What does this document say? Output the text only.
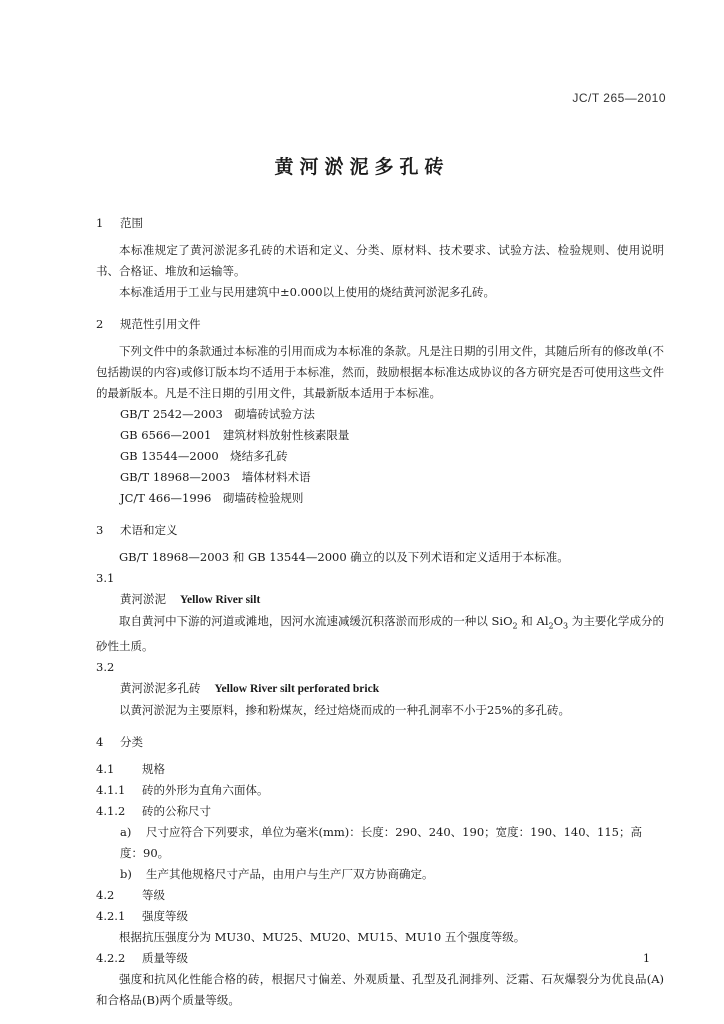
JC/T 265—2010
黄河淤泥多孔砖
1 范围

本标准规定了黄河淤泥多孔砖的术语和定义、分类、原材料、技术要求、试验方法、检验规则、使用说明书、合格证、堆放和运输等。

本标准适用于工业与民用建筑中±0.000以上使用的烧结黄河淤泥多孔砖。

2 规范性引用文件

下列文件中的条款通过本标准的引用而成为本标准的条款。凡是注日期的引用文件，其随后所有的修改单(不包括勘误的内容)或修订版本均不适用于本标准，然而，鼓励根据本标准达成协议的各方研究是否可使用这些文件的最新版本。凡是不注日期的引用文件，其最新版本适用于本标准。

GB/T 2542—2003　砌墙砖试验方法

GB 6566—2001　建筑材料放射性核素限量

GB 13544—2000　烧结多孔砖

GB/T 18968—2003　墙体材料术语

JC/T 466—1996　砌墙砖检验规则

3 术语和定义

GB/T 18968—2003 和 GB 13544—2000 确立的以及下列术语和定义适用于本标准。

3.1

黄河淤泥 Yellow River silt

取自黄河中下游的河道或滩地，因河水流速减缓沉积落淤而形成的一种以 SiO$_2$ 和 $Al_2O_3$ 为主要化学成分的砂性土质。

3.2

黄河淤泥多孔砖 Yellow River silt perforated brick

以黄河淤泥为主要原料，掺和粉煤灰，经过焙烧而成的一种孔洞率不小于25%的多孔砖。

4 分类

4.1 规格

4.1.1 砖的外形为直角六面体。

4.1.2 砖的公称尺寸

a) 尺寸应符合下列要求，单位为毫米(mm)：长度：290、240、190；宽度：190、140、115；高度：90。

b) 生产其他规格尺寸产品，由用户与生产厂双方协商确定。

4.2 等级

4.2.1 强度等级

根据抗压强度分为 MU30、MU25、MU20、MU15、MU10 五个强度等级。

4.2.2 质量等级

强度和抗风化性能合格的砖，根据尺寸偏差、外观质量、孔型及孔洞排列、泛霜、石灰爆裂分为优良品(A)和合格品(B)两个质量等级。

1
